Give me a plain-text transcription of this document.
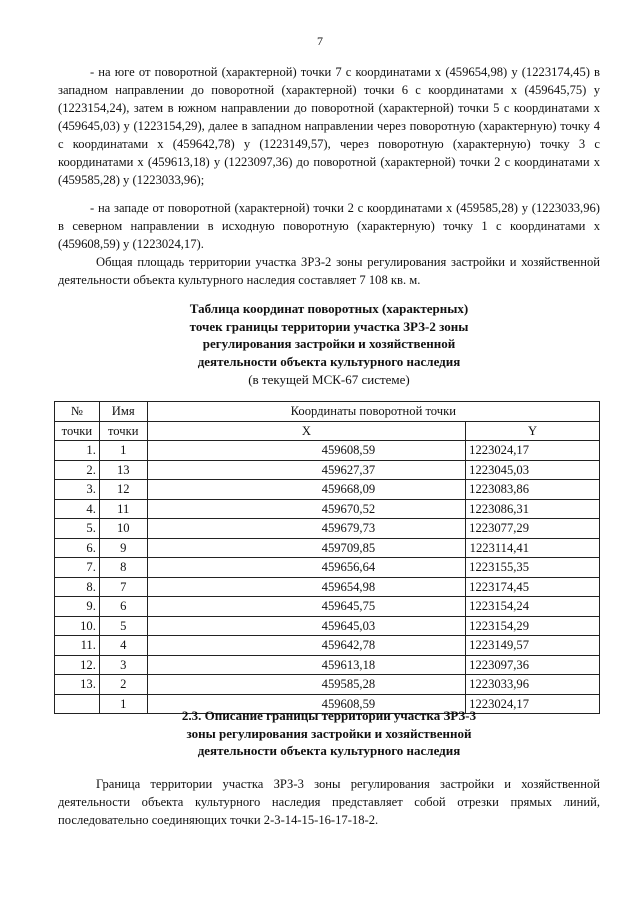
7

- на юге от поворотной (характерной) точки 7 с координатами x (459654,98) y (1223174,45) в западном направлении до поворотной (характерной) точки 6 с координатами x (459645,75) y (1223154,24), затем в южном направлении до поворотной (характерной) точки 5 с координатами x (459645,03) y (1223154,29), далее в западном направлении через поворотную (характерную) точку 4 с координатами x (459642,78) y (1223149,57), через поворотную (характерную) точку 3 с координатами x (459613,18) y (1223097,36) до поворотной (характерной) точки 2 с координатами x (459585,28) y (1223033,96);

- на западе от поворотной (характерной) точки 2 с координатами x (459585,28) y (1223033,96) в северном направлении в исходную поворотную (характерную) точку 1 с координатами x (459608,59) y (1223024,17).

Общая площадь территории участка ЗРЗ-2 зоны регулирования застройки и хозяйственной деятельности объекта культурного наследия составляет 7 108 кв. м.

Таблица координат поворотных (характерных)
точек границы территории участка ЗРЗ-2 зоны
регулирования застройки и хозяйственной
деятельности объекта культурного наследия
(в текущей МСК-67 системе)
№	Имя	Координаты поворотной точки	
точки	точки	X	Y
1.	1	459608,59	1223024,17
2.	13	459627,37	1223045,03
3.	12	459668,09	1223083,86
4.	11	459670,52	1223086,31
5.	10	459679,73	1223077,29
6.	9	459709,85	1223114,41
7.	8	459656,64	1223155,35
8.	7	459654,98	1223174,45
9.	6	459645,75	1223154,24
10.	5	459645,03	1223154,29
11.	4	459642,78	1223149,57
12.	3	459613,18	1223097,36
13.	2	459585,28	1223033,96
	1	459608,59	1223024,17
2.3. Описание границы территории участка ЗРЗ-3
зоны регулирования застройки и хозяйственной
деятельности объекта культурного наследия

Граница территории участка ЗРЗ-3 зоны регулирования застройки и хозяйственной деятельности объекта культурного наследия представляет собой отрезки прямых линий, последовательно соединяющих точки 2-3-14-15-16-17-18-2.
